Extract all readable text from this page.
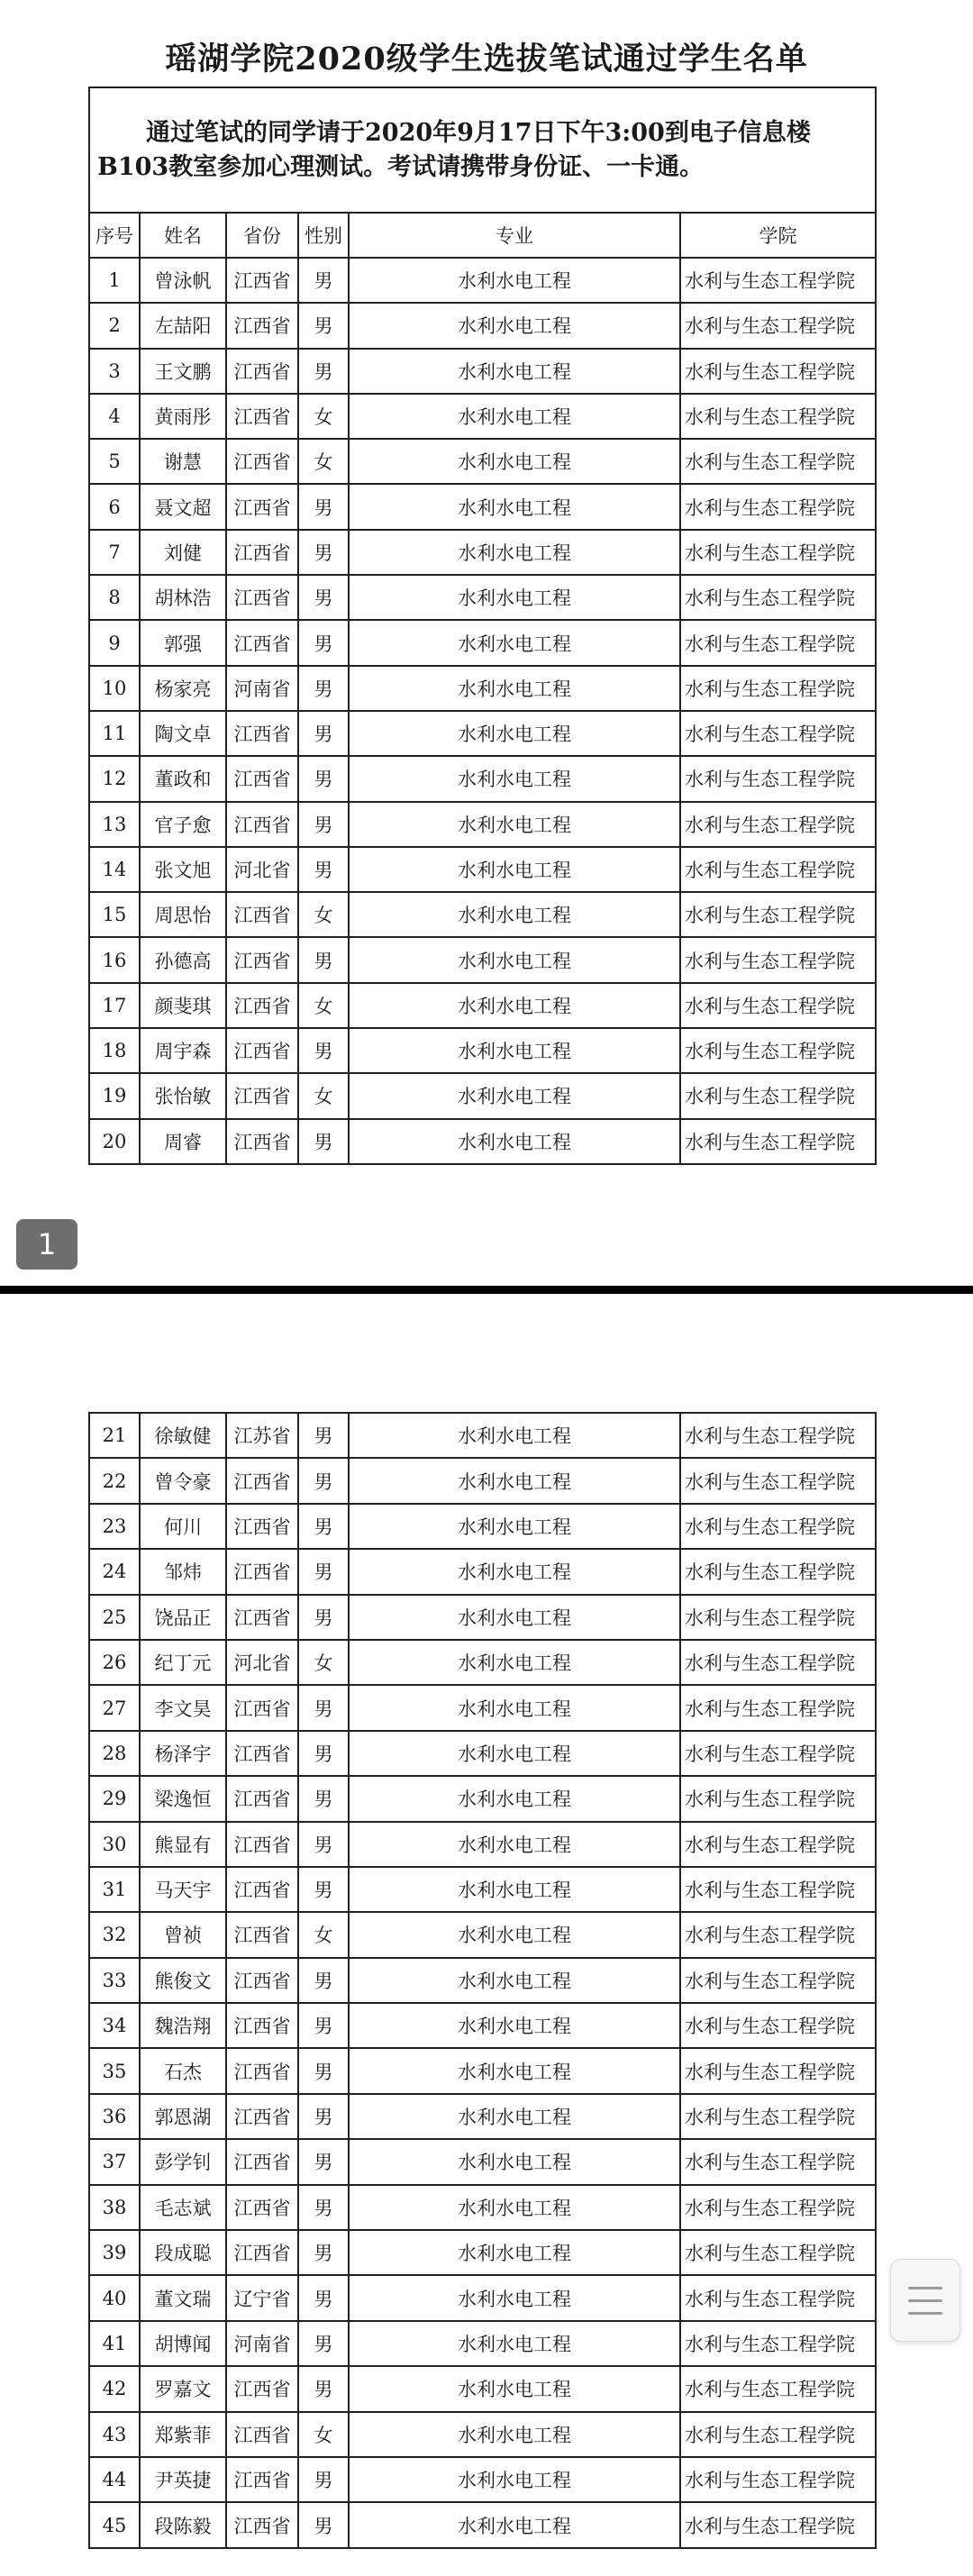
瑶湖学院2020级学生选拔笔试通过学生名单
通过笔试的同学请于2020年9月17日下午3:00到电子信息楼B103教室参加心理测试。考试请携带身份证、一卡通。					
序号	姓名	省份	性别	专业	学院
1	曾泳帆	江西省	男	水利水电工程	水利与生态工程学院
2	左喆阳	江西省	男	水利水电工程	水利与生态工程学院
3	王文鹏	江西省	男	水利水电工程	水利与生态工程学院
4	黄雨彤	江西省	女	水利水电工程	水利与生态工程学院
5	谢慧	江西省	女	水利水电工程	水利与生态工程学院
6	聂文超	江西省	男	水利水电工程	水利与生态工程学院
7	刘健	江西省	男	水利水电工程	水利与生态工程学院
8	胡林浩	江西省	男	水利水电工程	水利与生态工程学院
9	郭强	江西省	男	水利水电工程	水利与生态工程学院
10	杨家亮	河南省	男	水利水电工程	水利与生态工程学院
11	陶文卓	江西省	男	水利水电工程	水利与生态工程学院
12	董政和	江西省	男	水利水电工程	水利与生态工程学院
13	官子愈	江西省	男	水利水电工程	水利与生态工程学院
14	张文旭	河北省	男	水利水电工程	水利与生态工程学院
15	周思怡	江西省	女	水利水电工程	水利与生态工程学院
16	孙德高	江西省	男	水利水电工程	水利与生态工程学院
17	颜斐琪	江西省	女	水利水电工程	水利与生态工程学院
18	周宇森	江西省	男	水利水电工程	水利与生态工程学院
19	张怡敏	江西省	女	水利水电工程	水利与生态工程学院
20	周睿	江西省	男	水利水电工程	水利与生态工程学院
1
21	徐敏健	江苏省	男	水利水电工程	水利与生态工程学院
22	曾令豪	江西省	男	水利水电工程	水利与生态工程学院
23	何川	江西省	男	水利水电工程	水利与生态工程学院
24	邹炜	江西省	男	水利水电工程	水利与生态工程学院
25	饶品正	江西省	男	水利水电工程	水利与生态工程学院
26	纪丁元	河北省	女	水利水电工程	水利与生态工程学院
27	李文昊	江西省	男	水利水电工程	水利与生态工程学院
28	杨泽宇	江西省	男	水利水电工程	水利与生态工程学院
29	梁逸恒	江西省	男	水利水电工程	水利与生态工程学院
30	熊显有	江西省	男	水利水电工程	水利与生态工程学院
31	马天宇	江西省	男	水利水电工程	水利与生态工程学院
32	曾祯	江西省	女	水利水电工程	水利与生态工程学院
33	熊俊文	江西省	男	水利水电工程	水利与生态工程学院
34	魏浩翔	江西省	男	水利水电工程	水利与生态工程学院
35	石杰	江西省	男	水利水电工程	水利与生态工程学院
36	郭恩湖	江西省	男	水利水电工程	水利与生态工程学院
37	彭学钊	江西省	男	水利水电工程	水利与生态工程学院
38	毛志斌	江西省	男	水利水电工程	水利与生态工程学院
39	段成聪	江西省	男	水利水电工程	水利与生态工程学院
40	董文瑞	辽宁省	男	水利水电工程	水利与生态工程学院
41	胡博闻	河南省	男	水利水电工程	水利与生态工程学院
42	罗嘉文	江西省	男	水利水电工程	水利与生态工程学院
43	郑紫菲	江西省	女	水利水电工程	水利与生态工程学院
44	尹英捷	江西省	男	水利水电工程	水利与生态工程学院
45	段陈毅	江西省	男	水利水电工程	水利与生态工程学院
